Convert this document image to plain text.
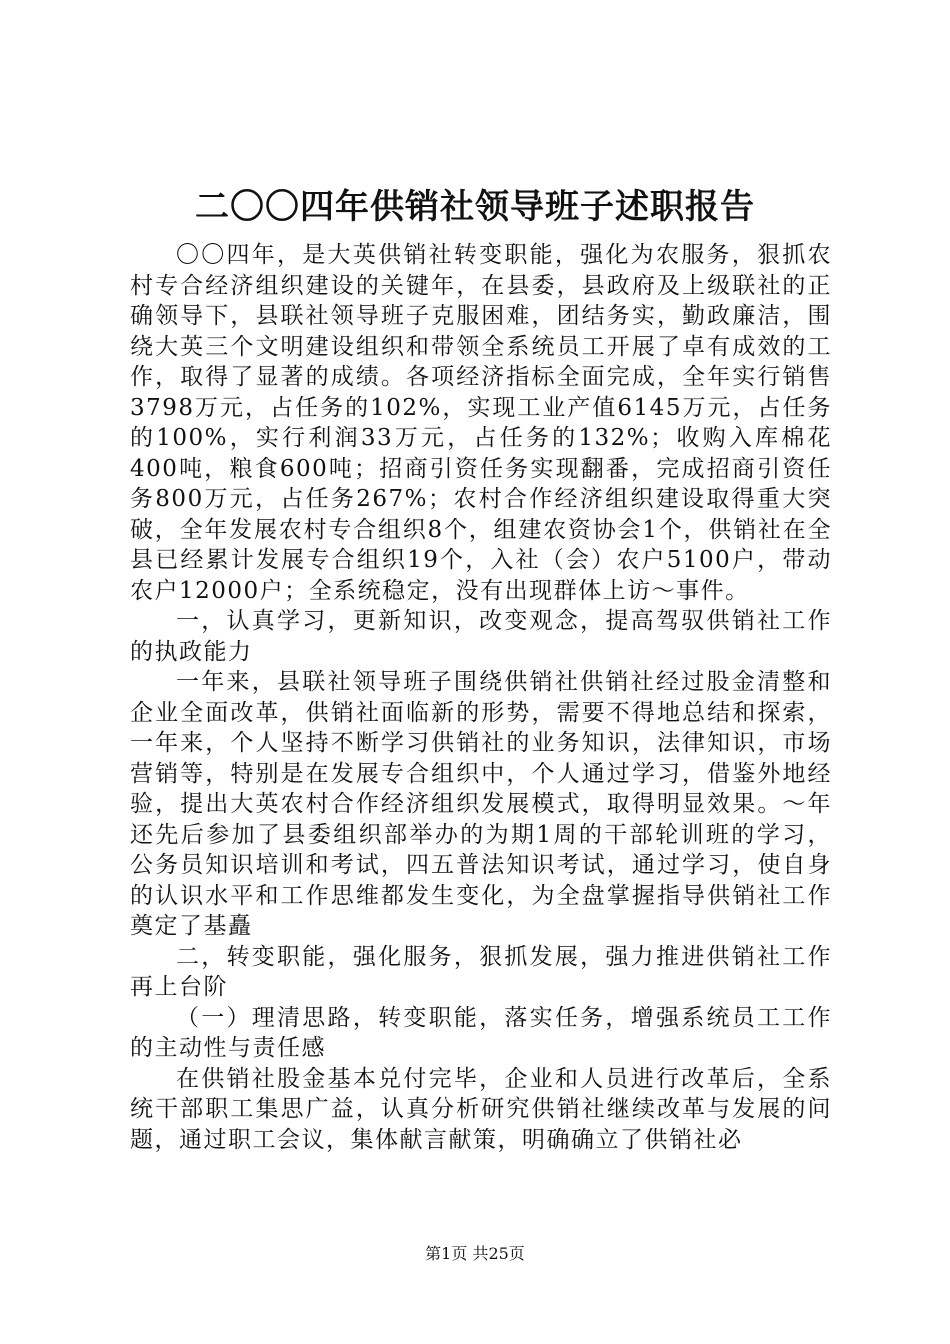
二〇〇四年供销社领导班子述职报告

〇〇四年，是大英供销社转变职能，强化为农服务，狠抓农村专合经济组织建设的关键年，在县委，县政府及上级联社的正确领导下，县联社领导班子克服困难，团结务实，勤政廉洁，围绕大英三个文明建设组织和带领全系统员工开展了卓有成效的工作，取得了显著的成绩。各项经济指标全面完成，全年实行销售3798万元，占任务的102%，实现工业产值6145万元，占任务的100%，实行利润33万元，占任务的132%；收购入库棉花400吨，粮食600吨；招商引资任务实现翻番，完成招商引资任务800万元，占任务267%；农村合作经济组织建设取得重大突破，全年发展农村专合组织8个，组建农资协会1个，供销社在全县已经累计发展专合组织19个，入社（会）农户5100户，带动农户12000户；全系统稳定，没有出现群体上访～事件。

一，认真学习，更新知识，改变观念，提高驾驭供销社工作的执政能力

一年来，县联社领导班子围绕供销社供销社经过股金清整和企业全面改革，供销社面临新的形势，需要不得地总结和探索，一年来，个人坚持不断学习供销社的业务知识，法律知识，市场营销等，特别是在发展专合组织中，个人通过学习，借鉴外地经验，提出大英农村合作经济组织发展模式，取得明显效果。～年还先后参加了县委组织部举办的为期1周的干部轮训班的学习，公务员知识培训和考试，四五普法知识考试，通过学习，使自身的认识水平和工作思维都发生变化，为全盘掌握指导供销社工作奠定了基矗

二，转变职能，强化服务，狠抓发展，强力推进供销社工作再上台阶

（一）理清思路，转变职能，落实任务，增强系统员工工作的主动性与责任感

在供销社股金基本兑付完毕，企业和人员进行改革后，全系统干部职工集思广益，认真分析研究供销社继续改革与发展的问题，通过职工会议，集体献言献策，明确确立了供销社必

第1页 共25页
